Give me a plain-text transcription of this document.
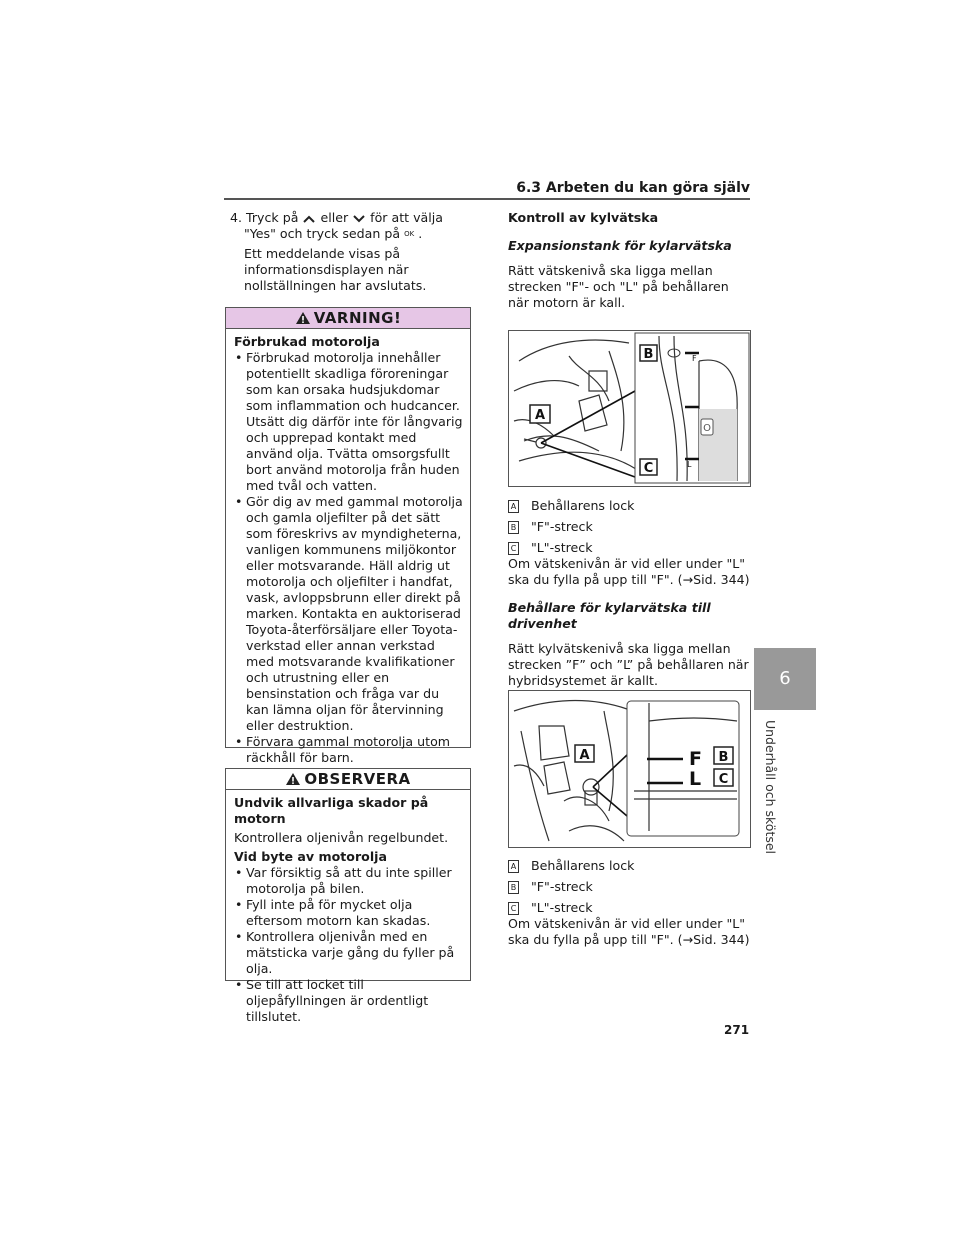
6.3 Arbeten du kan göra själv
6
Underhåll och skötsel

4. Tryck på eller för att välja

"Yes" och tryck sedan på $^{OK}$ .

Ett meddelande visas på informationsdisplayen när nollställningen har avslutats.

VARNING!

Förbrukad motorolja

• Förbrukad motorolja innehåller potentiellt skadliga föroreningar som kan orsaka hudsjukdomar som inflammation och hudcancer. Utsätt dig därför inte för långvarig och upprepad kontakt med använd olja. Tvätta omsorgsfullt bort använd motorolja från huden med tvål och vatten.
• Gör dig av med gammal motorolja och gamla oljefilter på det sätt som föreskrivs av myndigheterna, vanligen kommunens miljökontor eller motsvarande. Häll aldrig ut motorolja och oljefilter i handfat, vask, avloppsbrunn eller direkt på marken. Kontakta en auktoriserad Toyota-återförsäljare eller Toyota-verkstad eller annan verkstad med motsvarande kvalifikationer och utrustning eller en bensinstation och fråga var du kan lämna oljan för återvinning eller destruktion.
• Förvara gammal motorolja utom räckhåll för barn.
OBSERVERA

Undvik allvarliga skador på motorn

Kontrollera oljenivån regelbundet.

Vid byte av motorolja

• Var försiktig så att du inte spiller motorolja på bilen.
• Fyll inte på för mycket olja eftersom motorn kan skadas.
• Kontrollera oljenivån med en mätsticka varje gång du fyller på olja.
• Se till att locket till oljepåfyllningen är ordentligt tillslutet.

Kontroll av kylvätska

Expansionstank för kylarvätska

Rätt vätskenivå ska ligga mellan strecken "F"- och "L" på behållaren när motorn är kall.

O
F
L
B
A
C
A Behållarens lock
B "F"-streck
C "L"-streck

Om vätskenivån är vid eller under "L" ska du fylla på upp till "F". (→Sid. 344)

Behållare för kylarvätska till drivenhet

Rätt kylvätskenivå ska ligga mellan strecken ”F” och ”L” på behållaren när hybridsystemet är kallt.

F
L
B
C
A
A Behållarens lock
B "F"-streck
C "L"-streck

Om vätskenivån är vid eller under "L" ska du fylla på upp till "F". (→Sid. 344)

271
